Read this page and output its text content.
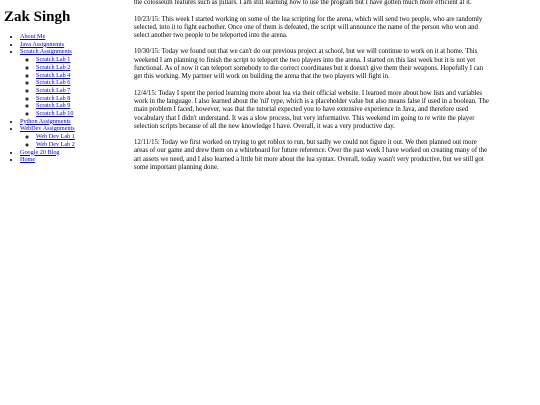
Zak Singh
• About Me
• Java Assignments
• Scratch Assignments
◦ Scratch Lab 1
◦ Scratch Lab 2
◦ Scratch Lab 4
◦ Scratch Lab 6
◦ Scratch Lab 7
◦ Scratch Lab 8
◦ Scratch Lab 9
◦ Scratch Lab 10
• Python Assignments
• WebDev Assignments
◦ Web Dev Lab 1
◦ Web Dev Lab 2
• Google 20 Blog
• Home

the colosseum features such as pillars. I am still learning how to use the program but I have gotten much more efficient at it.

10/23/15: This week I started working on some of the lua scripting for the arena, which will send two people, who are randomly selected, into it to fight eachother. Once one of them is defeated, the script will announce the name of the person who won and select another two people to be teleported into the arena.

10/30/15: Today we found out that we can't do our previous project at school, but we will continue to work on it at home. This weekend I am planning to finish the script to teleport the two players into the arena. I started on this last week but it is not yet functional. As of now it can teleport somebody to the correct coordinates but it doesn't give them their weapons. Hopefully I can get this working. My partner will work on building the arena that the two players will fight in.

12/4/15: Today I spent the period learning more about lua via their official website. I learned more about how lists and variables work in the language. I also learned about the 'nil' type, which is a placeholder value but also means false if used in a boolean. The main problem I faced, however, was that the tutorial expected you to have extensive experience in Java, and therefore used vocabulary that I didn't understand. It was a slow process, but very informative. This weekend im going to re write the player selection scripts because of all the new knowledge I have. Overall, it was a very productive day.

12/11/15: Today we first worked on trying to get roblox to run, but sadly we could not figure it out. We then planned out more areas of our game and drew them on a whiteboard for future reference. Over the past week I have worked on creating many of the art assets we need, and I also learned a little bit more about the lua syntax. Overall, today wasn't very productive, but we still got some important planning done.
